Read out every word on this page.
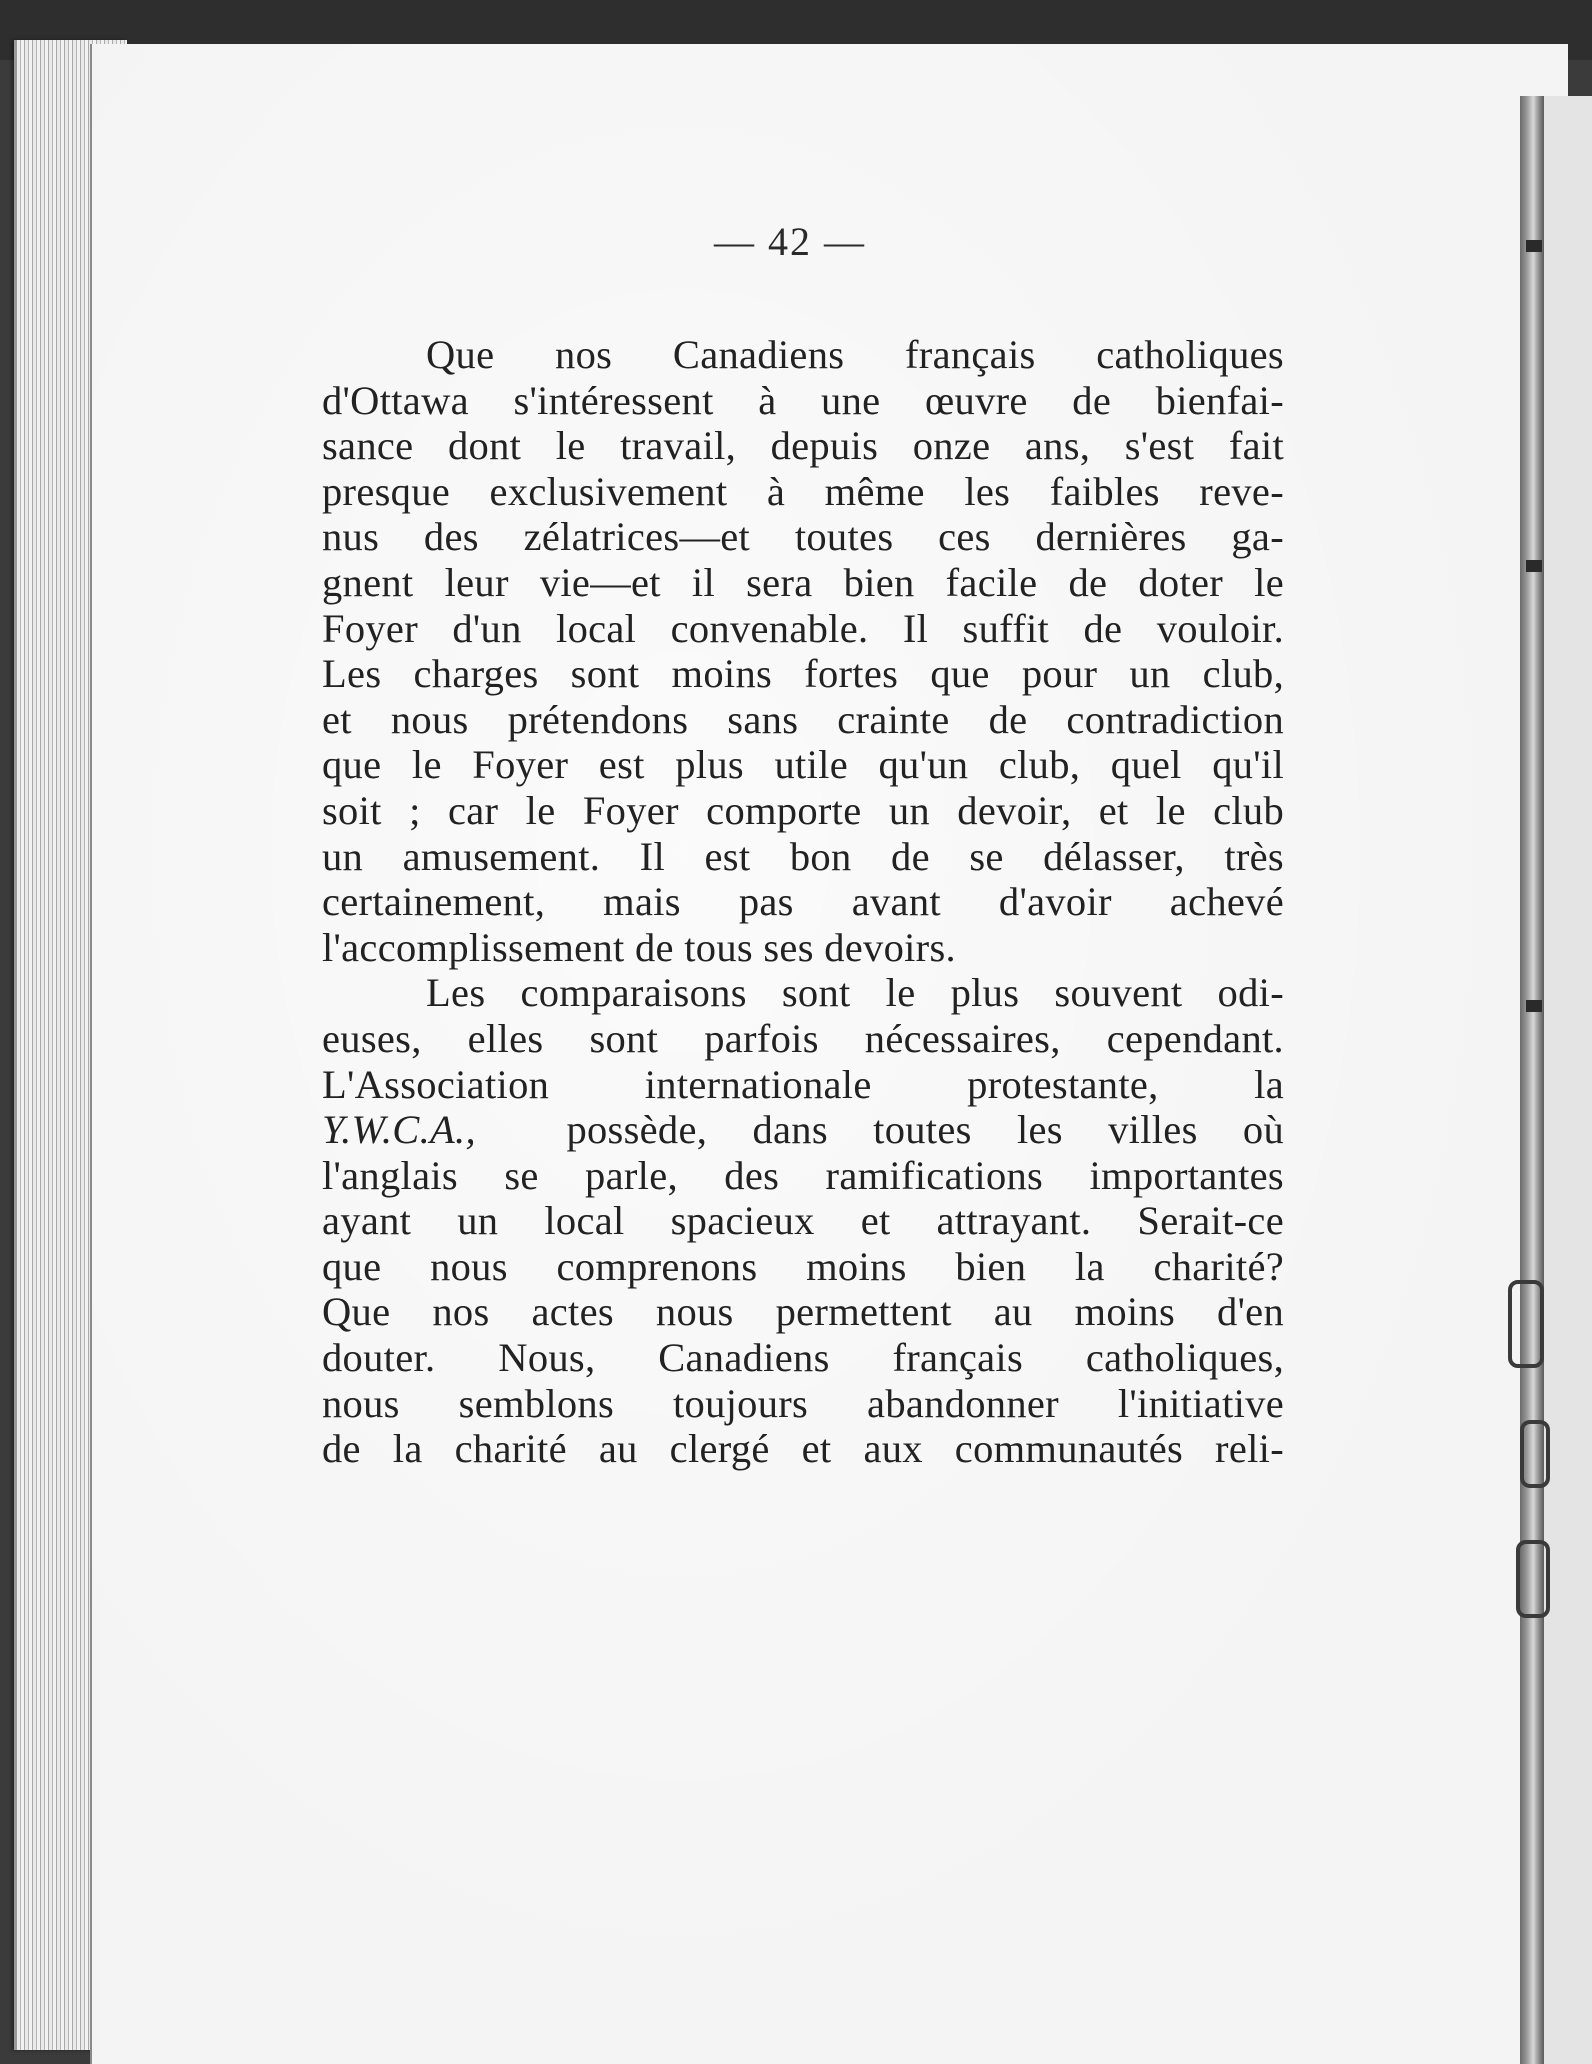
— 42 —
Que nos Canadiens français catholiques
d'Ottawa s'intéressent à une œuvre de bienfai-
sance dont le travail, depuis onze ans, s'est fait
presque exclusivement à même les faibles reve-
nus des zélatrices—et toutes ces dernières ga-
gnent leur vie—et il sera bien facile de doter le
Foyer d'un local convenable. Il suffit de vouloir.
Les charges sont moins fortes que pour un club,
et nous prétendons sans crainte de contradiction
que le Foyer est plus utile qu'un club, quel qu'il
soit ; car le Foyer comporte un devoir, et le club
un amusement. Il est bon de se délasser, très
certainement, mais pas avant d'avoir achevé
l'accomplissement de tous ses devoirs.
Les comparaisons sont le plus souvent odi-
euses, elles sont parfois nécessaires, cependant.
L'Association internationale protestante, la
Y.W.C.A., possède, dans toutes les villes où
l'anglais se parle, des ramifications importantes
ayant un local spacieux et attrayant. Serait-ce
que nous comprenons moins bien la charité?
Que nos actes nous permettent au moins d'en
douter. Nous, Canadiens français catholiques,
nous semblons toujours abandonner l'initiative
de la charité au clergé et aux communautés reli-
